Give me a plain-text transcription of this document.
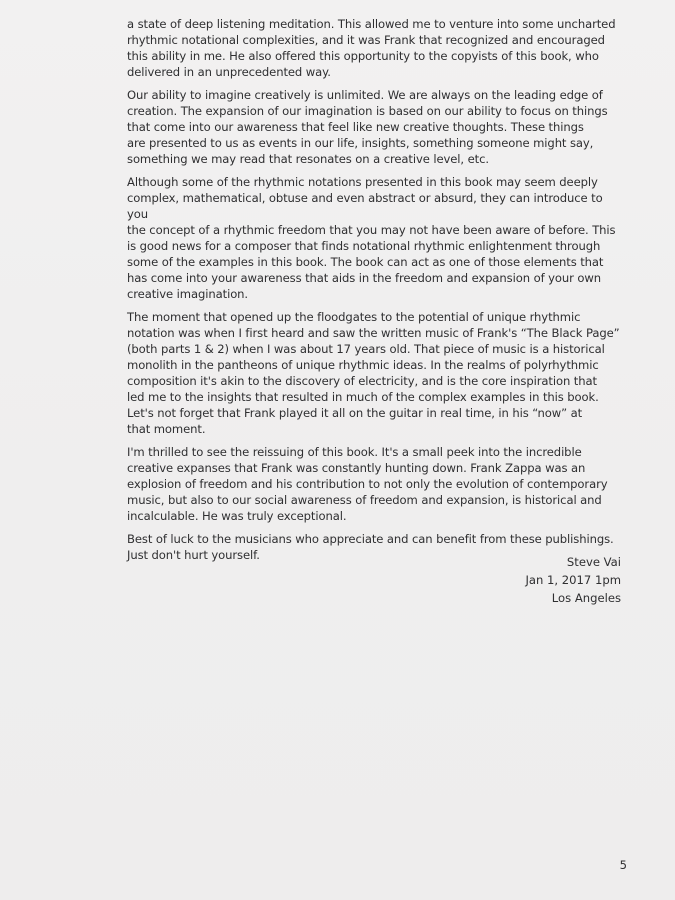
a state of deep listening meditation. This allowed me to venture into some uncharted
rhythmic notational complexities, and it was Frank that recognized and encouraged
this ability in me. He also offered this opportunity to the copyists of this book, who
delivered in an unprecedented way.

Our ability to imagine creatively is unlimited. We are always on the leading edge of
creation. The expansion of our imagination is based on our ability to focus on things
that come into our awareness that feel like new creative thoughts. These things
are presented to us as events in our life, insights, something someone might say,
something we may read that resonates on a creative level, etc.

Although some of the rhythmic notations presented in this book may seem deeply
complex, mathematical, obtuse and even abstract or absurd, they can introduce to you
the concept of a rhythmic freedom that you may not have been aware of before. This
is good news for a composer that finds notational rhythmic enlightenment through
some of the examples in this book. The book can act as one of those elements that
has come into your awareness that aids in the freedom and expansion of your own
creative imagination.

The moment that opened up the floodgates to the potential of unique rhythmic
notation was when I first heard and saw the written music of Frank's “The Black Page”
(both parts 1 & 2) when I was about 17 years old. That piece of music is a historical
monolith in the pantheons of unique rhythmic ideas. In the realms of polyrhythmic
composition it's akin to the discovery of electricity, and is the core inspiration that
led me to the insights that resulted in much of the complex examples in this book.
Let's not forget that Frank played it all on the guitar in real time, in his “now” at
that moment.

I'm thrilled to see the reissuing of this book. It's a small peek into the incredible
creative expanses that Frank was constantly hunting down. Frank Zappa was an
explosion of freedom and his contribution to not only the evolution of contemporary
music, but also to our social awareness of freedom and expansion, is historical and
incalculable. He was truly exceptional.

Best of luck to the musicians who appreciate and can benefit from these publishings.
Just don't hurt yourself.	Steve Vai
Jan 1, 2017 1pm
Los Angeles
5
